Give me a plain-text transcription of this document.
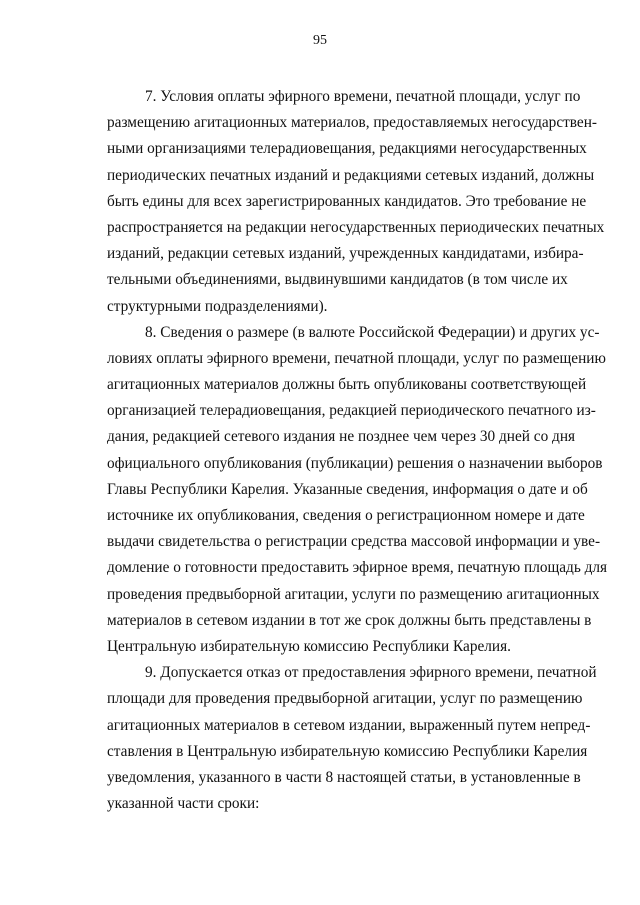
95
7. Условия оплаты эфирного времени, печатной площади, услуг по
размещению агитационных материалов, предоставляемых негосударствен-
ными организациями телерадиовещания, редакциями негосударственных
периодических печатных изданий и редакциями сетевых изданий, должны
быть едины для всех зарегистрированных кандидатов. Это требование не
распространяется на редакции негосударственных периодических печатных
изданий, редакции сетевых изданий, учрежденных кандидатами, избира-
тельными объединениями, выдвинувшими кандидатов (в том числе их
структурными подразделениями).
8. Сведения о размере (в валюте Российской Федерации) и других ус-
ловиях оплаты эфирного времени, печатной площади, услуг по размещению
агитационных материалов должны быть опубликованы соответствующей
организацией телерадиовещания, редакцией периодического печатного из-
дания, редакцией сетевого издания не позднее чем через 30 дней со дня
официального опубликования (публикации) решения о назначении выборов
Главы Республики Карелия. Указанные сведения, информация о дате и об
источнике их опубликования, сведения о регистрационном номере и дате
выдачи свидетельства о регистрации средства массовой информации и уве-
домление о готовности предоставить эфирное время, печатную площадь для
проведения предвыборной агитации, услуги по размещению агитационных
материалов в сетевом издании в тот же срок должны быть представлены в
Центральную избирательную комиссию Республики Карелия.
9. Допускается отказ от предоставления эфирного времени, печатной
площади для проведения предвыборной агитации, услуг по размещению
агитационных материалов в сетевом издании, выраженный путем непред-
ставления в Центральную избирательную комиссию Республики Карелия
уведомления, указанного в части 8 настоящей статьи, в установленные в
указанной части сроки:
